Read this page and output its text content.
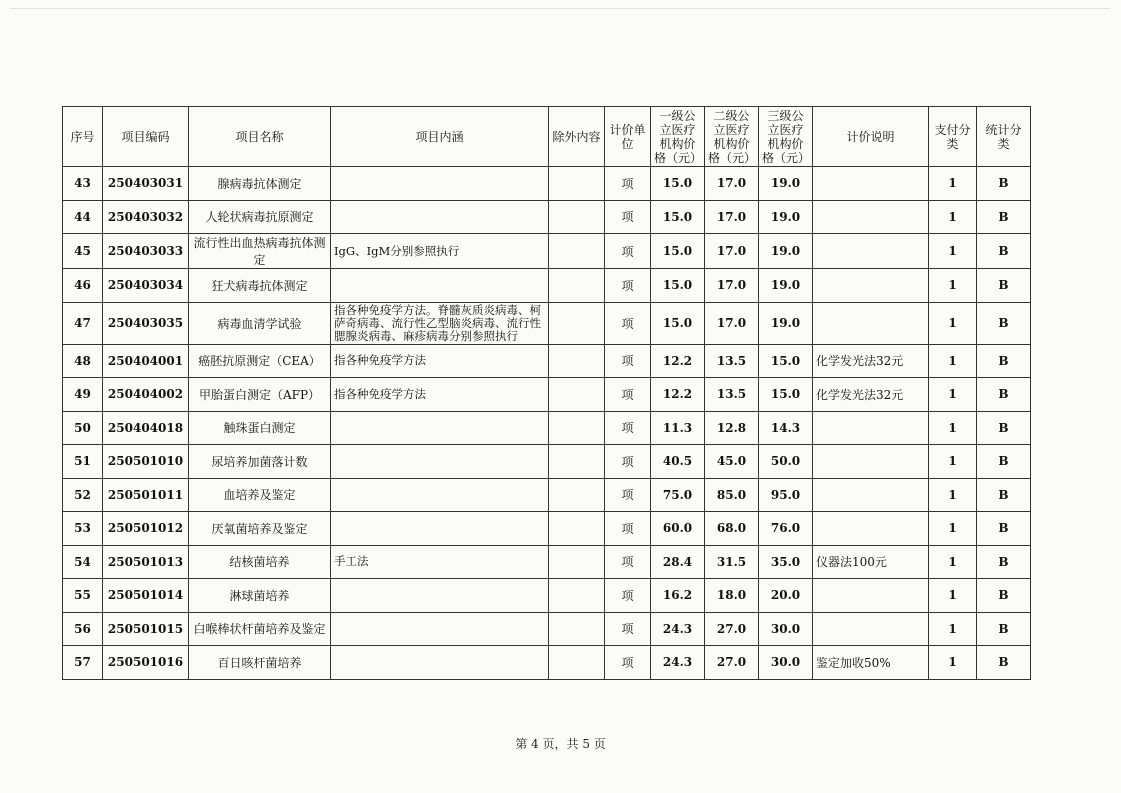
序号	项目编码	项目名称	项目内涵	除外内容	计价单位	一级公立医疗机构价格（元）	二级公立医疗机构价格（元）	三级公立医疗机构价格（元）	计价说明	支付分类	统计分类
43	250403031	腺病毒抗体测定			项	15.0	17.0	19.0		1	B
44	250403032	人轮状病毒抗原测定			项	15.0	17.0	19.0		1	B
45	250403033	流行性出血热病毒抗体测定	IgG、IgM分别参照执行		项	15.0	17.0	19.0		1	B
46	250403034	狂犬病毒抗体测定			项	15.0	17.0	19.0		1	B
47	250403035	病毒血清学试验	指各种免疫学方法。脊髓灰质炎病毒、柯萨奇病毒、流行性乙型脑炎病毒、流行性腮腺炎病毒、麻疹病毒分别参照执行		项	15.0	17.0	19.0		1	B
48	250404001	癌胚抗原测定（CEA）	指各种免疫学方法		项	12.2	13.5	15.0	化学发光法32元	1	B
49	250404002	甲胎蛋白测定（AFP）	指各种免疫学方法		项	12.2	13.5	15.0	化学发光法32元	1	B
50	250404018	触珠蛋白测定			项	11.3	12.8	14.3		1	B
51	250501010	尿培养加菌落计数			项	40.5	45.0	50.0		1	B
52	250501011	血培养及鉴定			项	75.0	85.0	95.0		1	B
53	250501012	厌氧菌培养及鉴定			项	60.0	68.0	76.0		1	B
54	250501013	结核菌培养	手工法		项	28.4	31.5	35.0	仪器法100元	1	B
55	250501014	淋球菌培养			项	16.2	18.0	20.0		1	B
56	250501015	白喉棒状杆菌培养及鉴定			项	24.3	27.0	30.0		1	B
57	250501016	百日咳杆菌培养			项	24.3	27.0	30.0	鉴定加收50%	1	B
第 4 页，共 5 页
